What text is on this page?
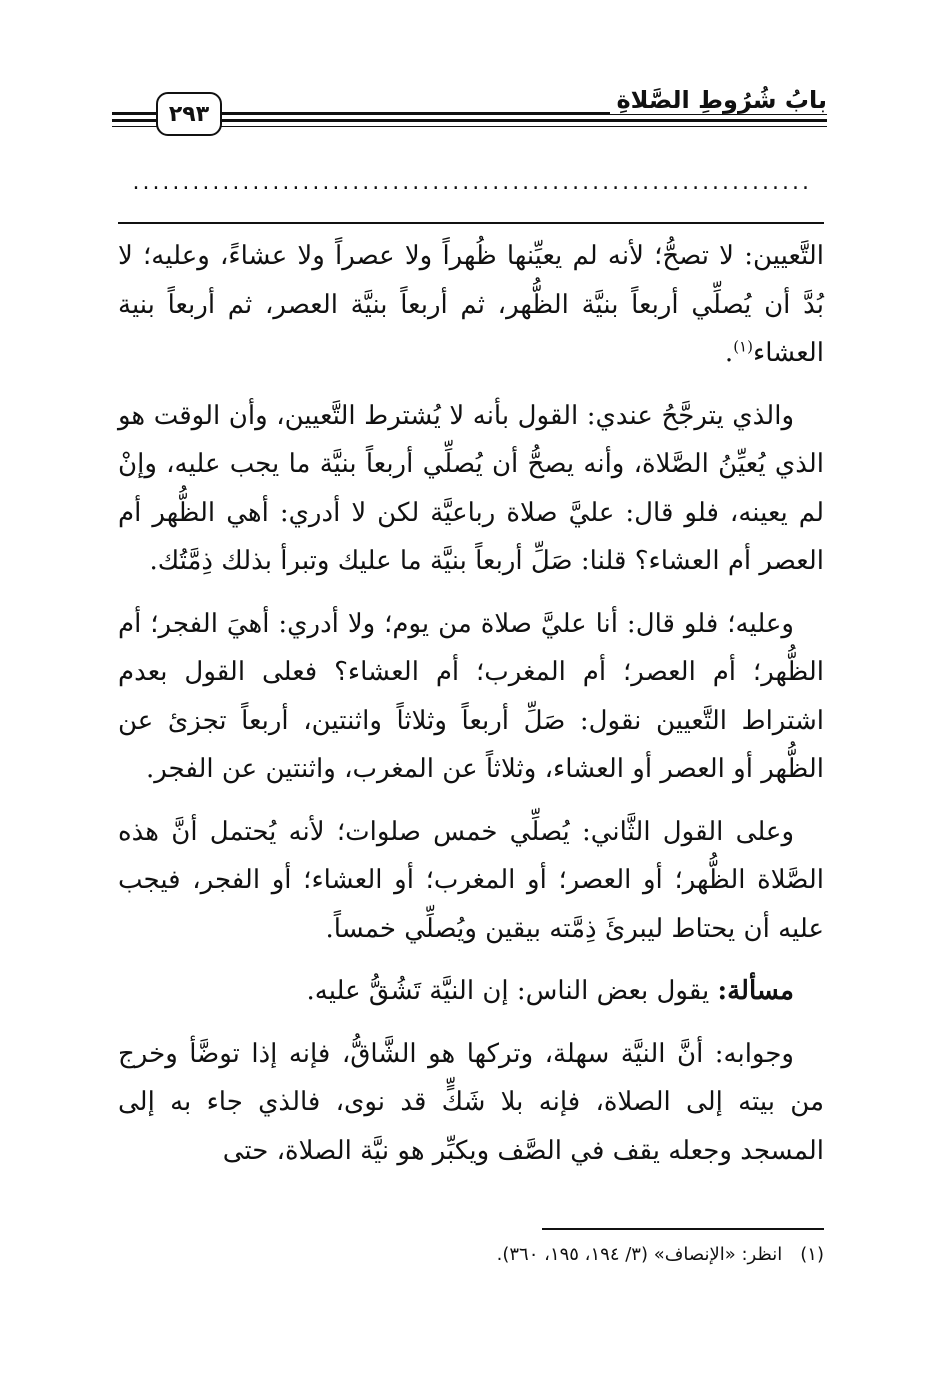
٢٩٣	بابُ شُرُوطِ الصَّلاةِ
....................................................................

التَّعيين: لا تصحُّ؛ لأنه لم يعيِّنها ظُهراً ولا عصراً ولا عشاءً، وعليه؛ لا بُدَّ أن يُصلِّي أربعاً بنيَّة الظُّهر، ثم أربعاً بنيَّة العصر، ثم أربعاً بنية العشاء$^{(١)}$.

والذي يترجَّحُ عندي: القول بأنه لا يُشترط التَّعيين، وأن الوقت هو الذي يُعيِّنُ الصَّلاة، وأنه يصحُّ أن يُصلِّي أربعاً بنيَّة ما يجب عليه، وإنْ لم يعينه، فلو قال: عليَّ صلاة رباعيَّة لكن لا أدري: أهي الظُّهر أم العصر أم العشاء؟ قلنا: صَلِّ أربعاً بنيَّة ما عليك وتبرأ بذلك ذِمَّتُك.

وعليه؛ فلو قال: أنا عليَّ صلاة من يوم؛ ولا أدري: أهيَ الفجر؛ أم الظُّهر؛ أم العصر؛ أم المغرب؛ أم العشاء؟ فعلى القول بعدم اشتراط التَّعيين نقول: صَلِّ أربعاً وثلاثاً واثنتين، أربعاً تجزئ عن الظُّهر أو العصر أو العشاء، وثلاثاً عن المغرب، واثنتين عن الفجر.

وعلى القول الثَّاني: يُصلِّي خمس صلوات؛ لأنه يُحتمل أنَّ هذه الصَّلاة الظُّهر؛ أو العصر؛ أو المغرب؛ أو العشاء؛ أو الفجر، فيجب عليه أن يحتاط ليبرئَ ذِمَّته بيقين ويُصلِّي خمساً.

مسألة: يقول بعض الناس: إن النيَّة تَشُقُّ عليه.

وجوابه: أنَّ النيَّة سهلة، وتركها هو الشَّاقُّ، فإنه إذا توضَّأ وخرج من بيته إلى الصلاة، فإنه بلا شَكٍّ قد نوى، فالذي جاء به إلى المسجد وجعله يقف في الصَّف ويكبِّر هو نيَّة الصلاة، حتى

(١)انظر: «الإنصاف» (٣/ ١٩٤، ١٩٥، ٣٦٠).
